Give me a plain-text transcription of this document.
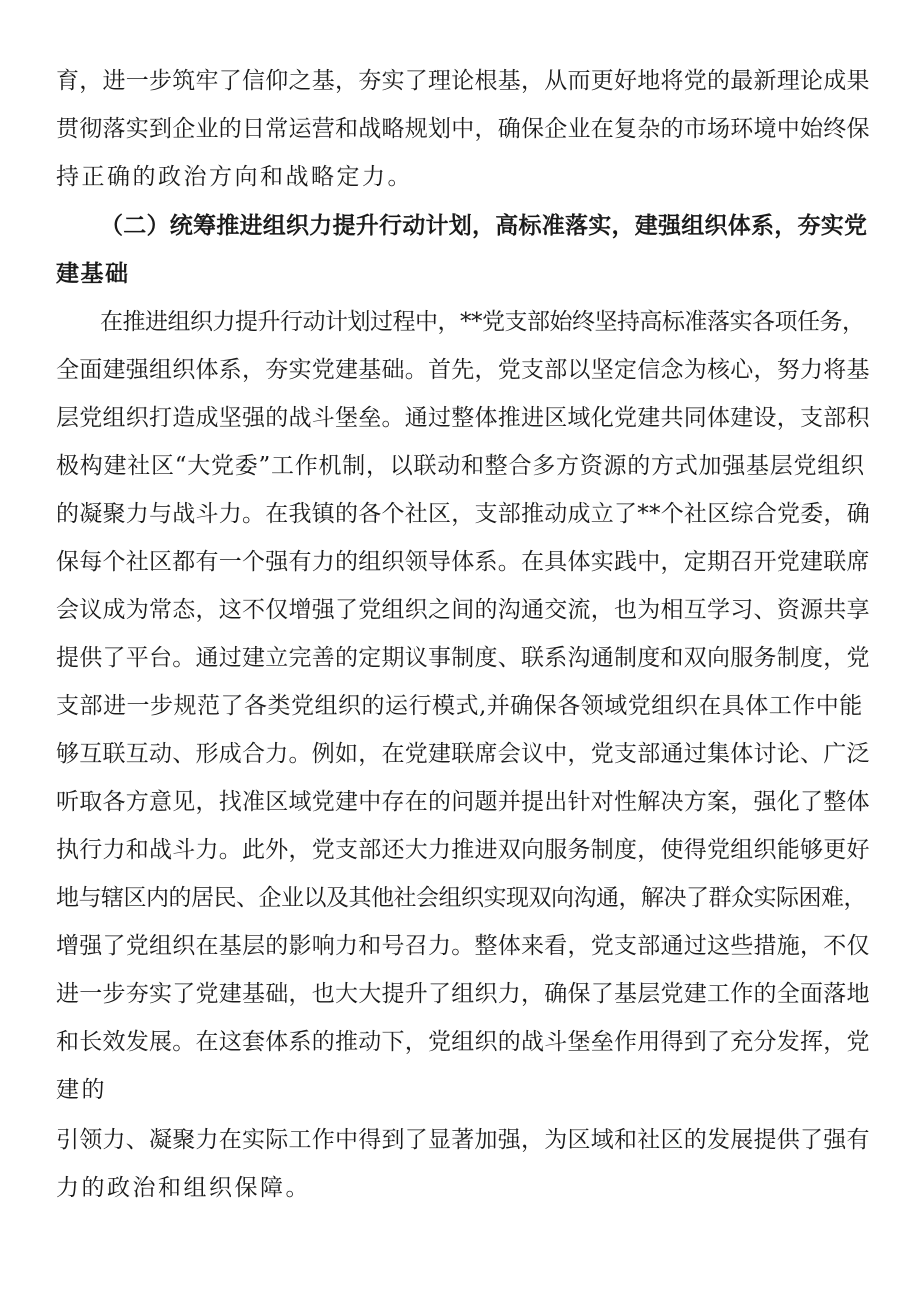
育，进一步筑牢了信仰之基，夯实了理论根基，从而更好地将党的最新理论成果
贯彻落实到企业的日常运营和战略规划中，确保企业在复杂的市场环境中始终保
持正确的政治方向和战略定力。
（二）统筹推进组织力提升行动计划，高标准落实，建强组织体系，夯实党
建基础
在推进组织力提升行动计划过程中，**党支部始终坚持高标准落实各项任务，
全面建强组织体系，夯实党建基础。首先，党支部以坚定信念为核心，努力将基
层党组织打造成坚强的战斗堡垒。通过整体推进区域化党建共同体建设，支部积
极构建社区“大党委”工作机制，以联动和整合多方资源的方式加强基层党组织
的凝聚力与战斗力。在我镇的各个社区，支部推动成立了**个社区综合党委，确
保每个社区都有一个强有力的组织领导体系。在具体实践中，定期召开党建联席
会议成为常态，这不仅增强了党组织之间的沟通交流，也为相互学习、资源共享
提供了平台。通过建立完善的定期议事制度、联系沟通制度和双向服务制度，党
支部进一步规范了各类党组织的运行模式,并确保各领域党组织在具体工作中能
够互联互动、形成合力。例如，在党建联席会议中，党支部通过集体讨论、广泛
听取各方意见，找准区域党建中存在的问题并提出针对性解决方案，强化了整体
执行力和战斗力。此外，党支部还大力推进双向服务制度，使得党组织能够更好
地与辖区内的居民、企业以及其他社会组织实现双向沟通，解决了群众实际困难，
增强了党组织在基层的影响力和号召力。整体来看，党支部通过这些措施，不仅
进一步夯实了党建基础，也大大提升了组织力，确保了基层党建工作的全面落地
和长效发展。在这套体系的推动下，党组织的战斗堡垒作用得到了充分发挥，党
建的
引领力、凝聚力在实际工作中得到了显著加强，为区域和社区的发展提供了强有
力的政治和组织保障。
